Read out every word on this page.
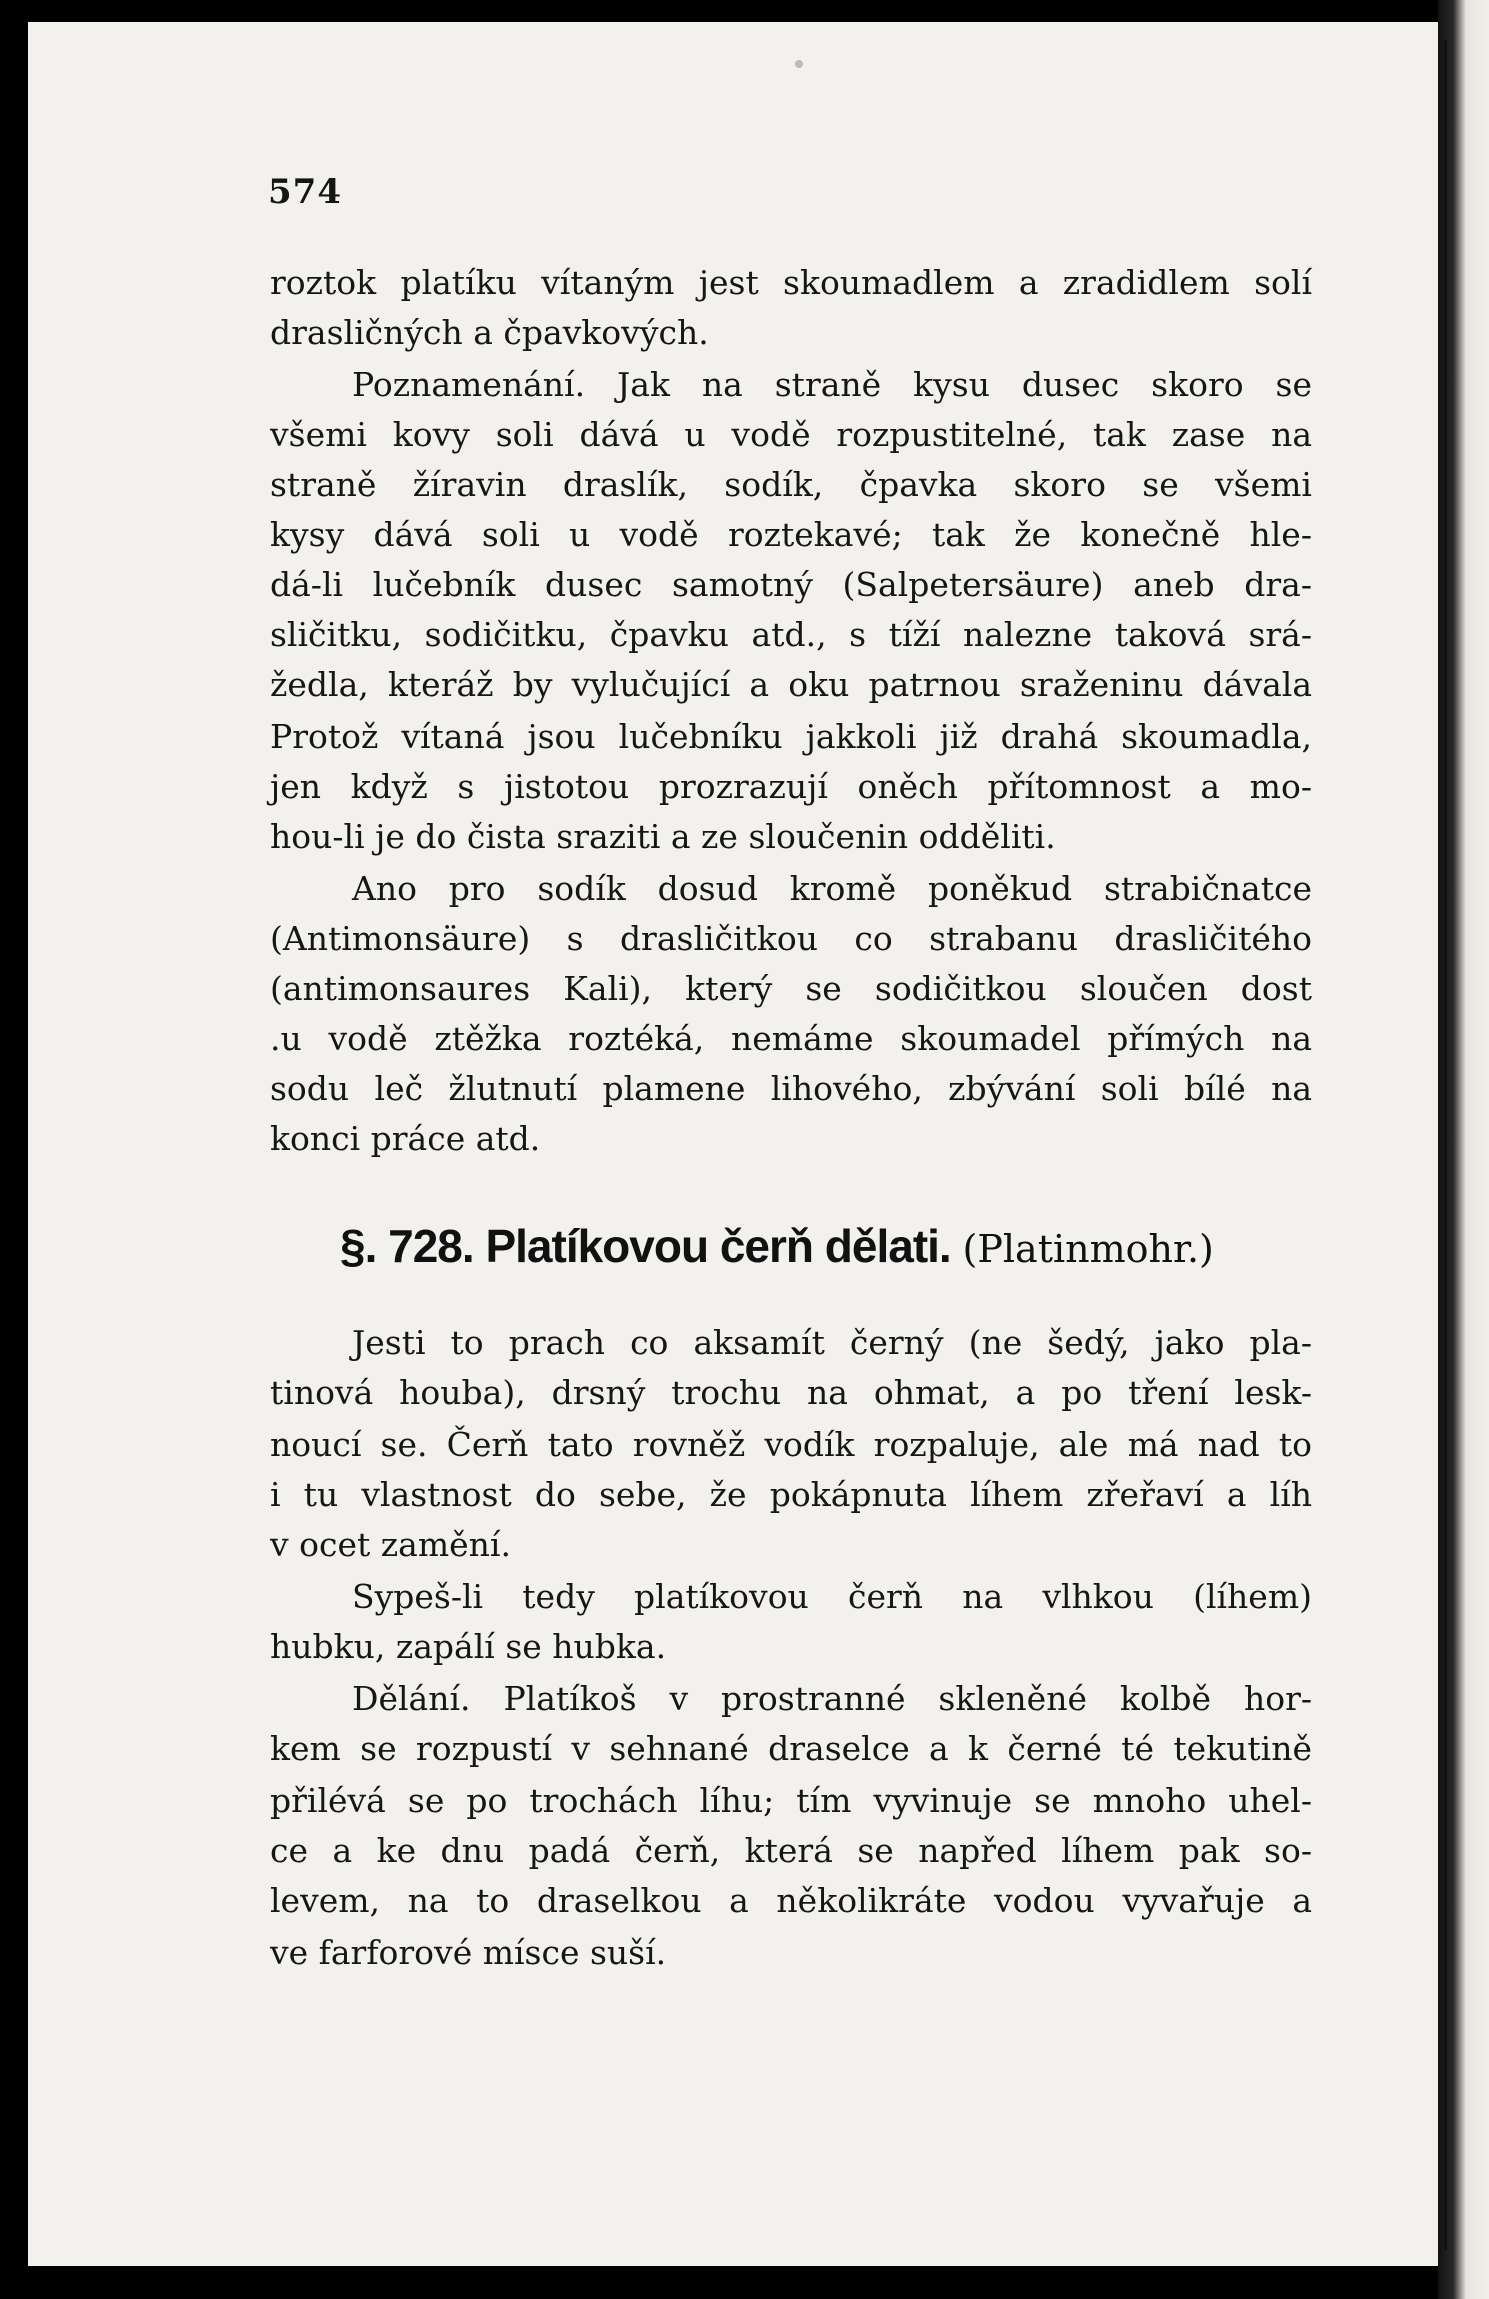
574
roztok platíku vítaným jest skoumadlem a zradidlem solí
drasličných a čpavkových.
Poznamenání. Jak na straně kysu dusec skoro se
všemi kovy soli dává u vodě rozpustitelné, tak zase na
straně žíravin draslík, sodík, čpavka skoro se všemi
kysy dává soli u vodě roztekavé; tak že konečně hle-
dá-li lučebník dusec samotný (Salpetersäure) aneb dra-
sličitku, sodičitku, čpavku atd., s tíží nalezne taková srá-
žedla, kteráž by vylučující a oku patrnou sraženinu dávala
Protož vítaná jsou lučebníku jakkoli již drahá skoumadla,
jen když s jistotou prozrazují oněch přítomnost a mo-
hou-li je do čista sraziti a ze sloučenin odděliti.
Ano pro sodík dosud kromě poněkud strabičnatce
(Antimonsäure) s drasličitkou co strabanu drasličitého
(antimonsaures Kali), který se sodičitkou sloučen dost
.u vodě ztěžka roztéká, nemáme skoumadel přímých na
sodu leč žlutnutí plamene lihového, zbývání soli bílé na
konci práce atd.
§. 728. Platíkovou čerň dělati. (Platinmohr.)
Jesti to prach co aksamít černý (ne šedý, jako pla-
tinová houba), drsný trochu na ohmat, a po tření lesk-
noucí se. Čerň tato rovněž vodík rozpaluje, ale má nad to
i tu vlastnost do sebe, že pokápnuta líhem zřeřaví a líh
v ocet zamění.
Sypeš-li tedy platíkovou čerň na vlhkou (líhem)
hubku, zapálí se hubka.
Dělání. Platíkoš v prostranné skleněné kolbě hor-
kem se rozpustí v sehnané draselce a k černé té tekutině
přilévá se po trochách líhu; tím vyvinuje se mnoho uhel-
ce a ke dnu padá čerň, která se napřed líhem pak so-
levem, na to draselkou a několikráte vodou vyvařuje a
ve farforové mísce suší.
